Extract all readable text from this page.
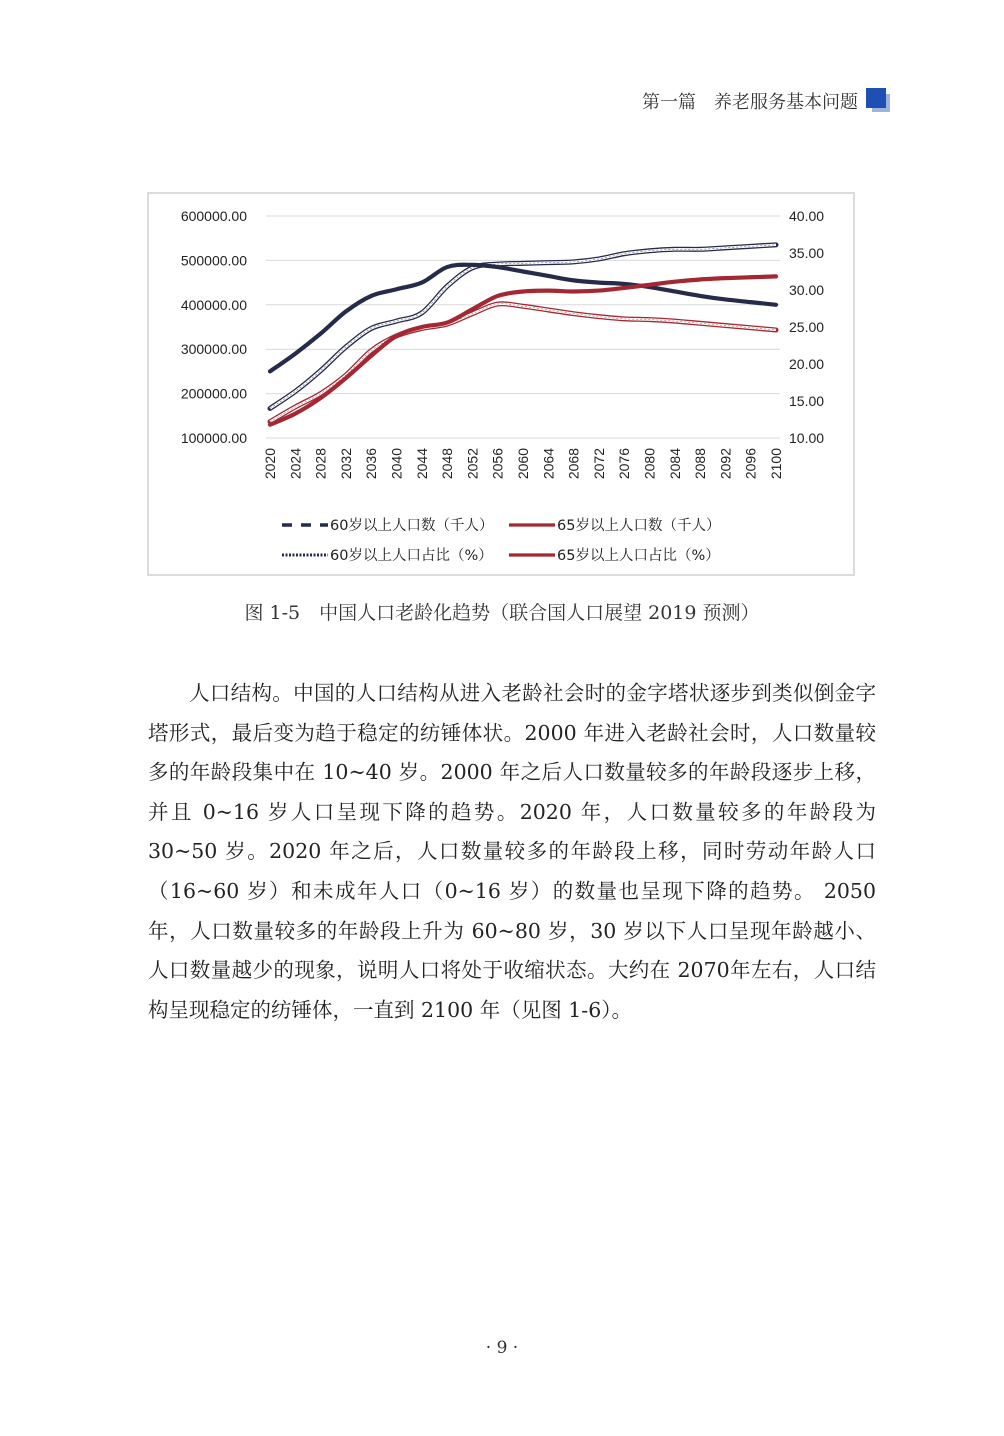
第一篇　养老服务基本问题
100000.00
200000.00
300000.00
400000.00
500000.00
600000.00
10.00
15.00
20.00
25.00
30.00
35.00
40.00
2020 2024 2028 2032 2036 2040 2044 2048 2052 2056 2060 2064 2068 2072 2076 2080 2084 2088 2092 2096 2100
60岁以上人口数（千人）	65岁以上人口数（千人）
60岁以上人口占比（%）	65岁以上人口占比（%）
图 1-5　中国人口老龄化趋势（联合国人口展望 2019 预测）
人口结构。中国的人口结构从进入老龄社会时的金字塔状逐步到类似倒金字塔形式，最后变为趋于稳定的纺锤体状。2000 年进入老龄社会时，人口数量较多的年龄段集中在 10~40 岁。2000 年之后人口数量较多的年龄段逐步上移，并且 0~16 岁人口呈现下降的趋势。2020 年，人口数量较多的年龄段为 30~50 岁。2020 年之后，人口数量较多的年龄段上移，同时劳动年龄人口（16~60 岁）和未成年人口（0~16 岁）的数量也呈现下降的趋势。 2050 年，人口数量较多的年龄段上升为 60~80 岁，30 岁以下人口呈现年龄越小、人口数量越少的现象，说明人口将处于收缩状态。大约在 2070年左右，人口结构呈现稳定的纺锤体，一直到 2100 年（见图 1-6）。
· 9 ·
